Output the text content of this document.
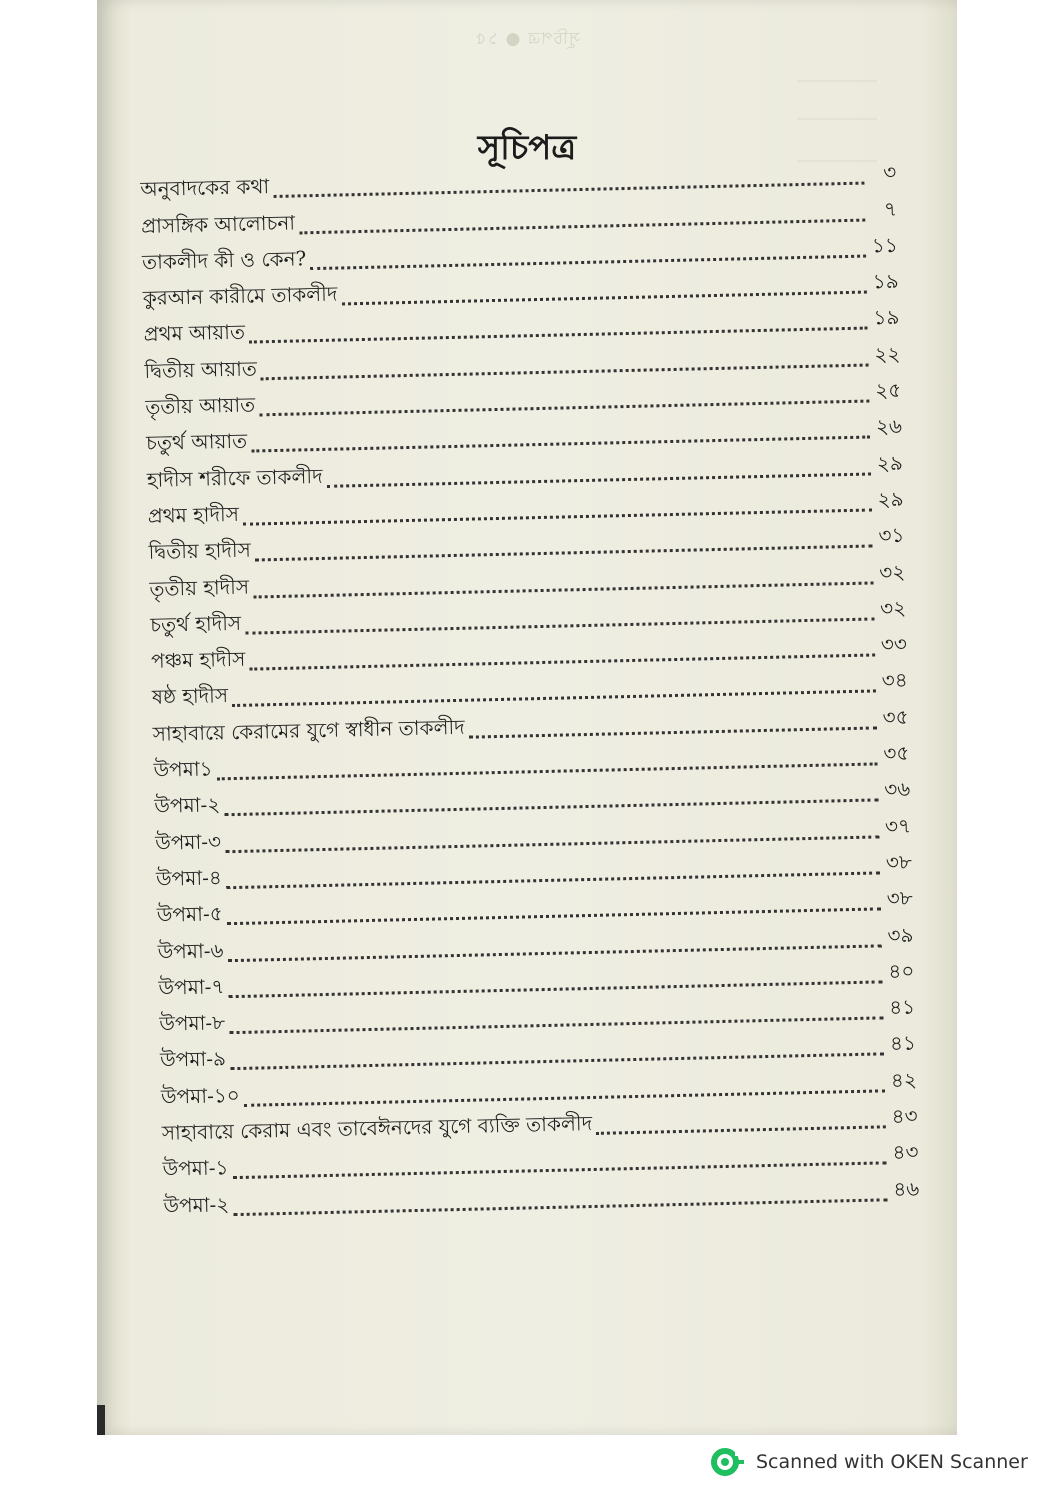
সূচিপত্র ● ১৫
সূচিপত্র
অনুবাদকের কথা
৩
প্রাসঙ্গিক আলোচনা
৭
তাকলীদ কী ও কেন?
১১
কুরআন কারীমে তাকলীদ
১৯
প্রথম আয়াত
১৯
দ্বিতীয় আয়াত
২২
তৃতীয় আয়াত
২৫
চতুর্থ আয়াত
২৬
হাদীস শরীফে তাকলীদ
২৯
প্রথম হাদীস
২৯
দ্বিতীয় হাদীস
৩১
তৃতীয় হাদীস
৩২
চতুর্থ হাদীস
৩২
পঞ্চম হাদীস
৩৩
ষষ্ঠ হাদীস
৩৪
সাহাবায়ে কেরামের যুগে স্বাধীন তাকলীদ	৩৫
উপমা১
৩৫
উপমা-২
৩৬
উপমা-৩
৩৭
উপমা-৪
৩৮
উপমা-৫
৩৮
উপমা-৬
৩৯
উপমা-৭
৪০
উপমা-৮
৪১
উপমা-৯
৪১
উপমা-১০
৪২
সাহাবায়ে কেরাম এবং তাবেঈনদের যুগে ব্যক্তি তাকলীদ	৪৩
উপমা-১
৪৩
উপমা-২
৪৬
Scanned with OKEN Scanner
